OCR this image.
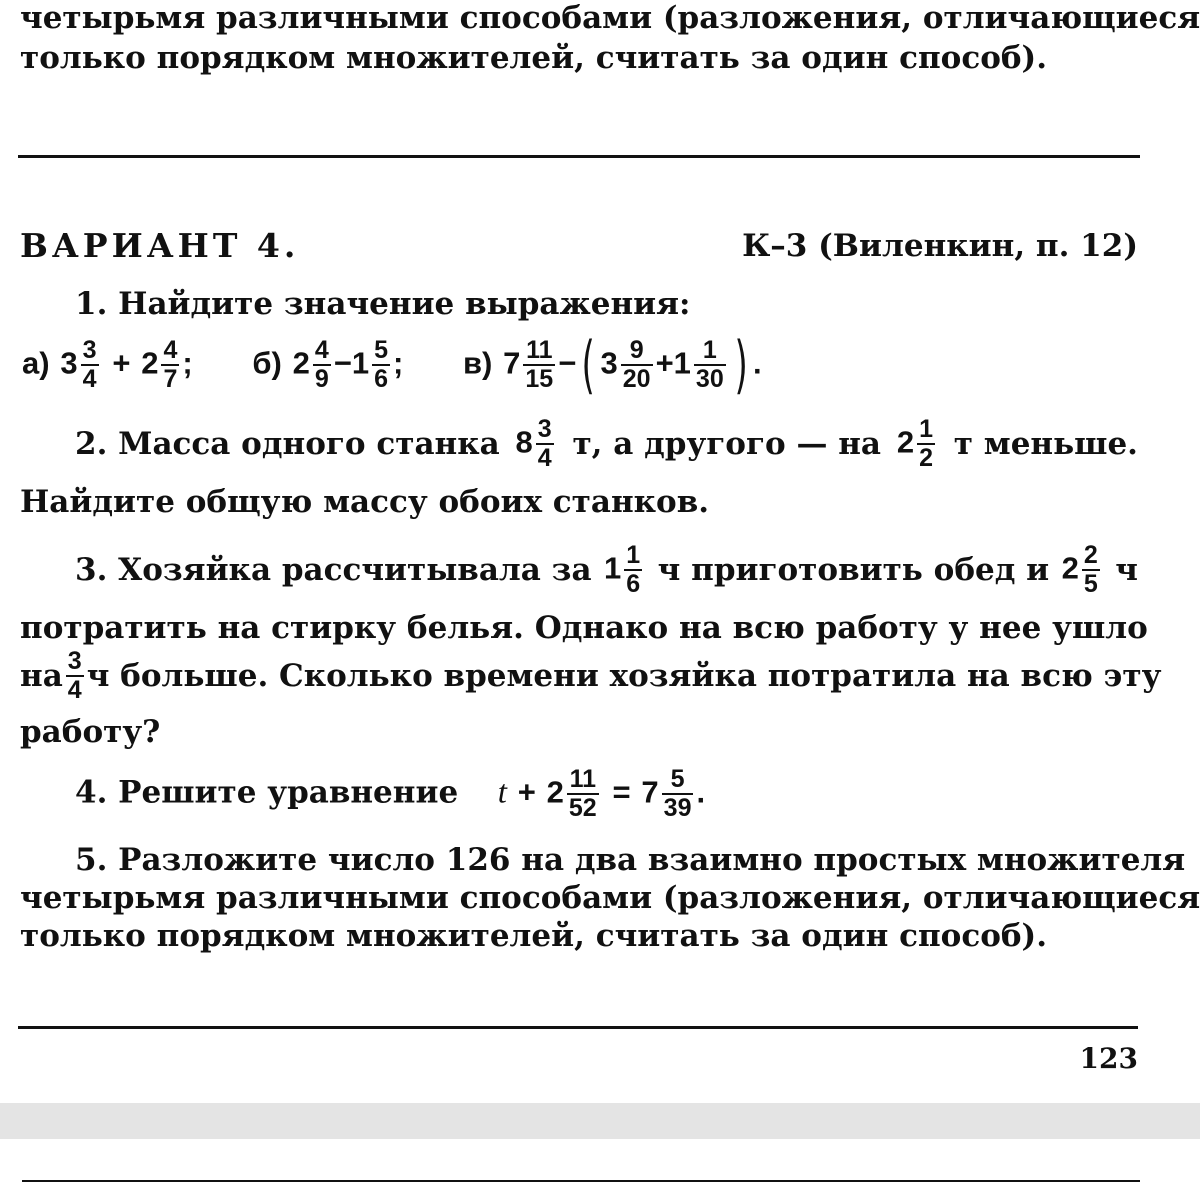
четырьмя различными способами (разложения, отличающиеся
только порядком множителей, считать за один способ).
ВАРИАНТ 4.	К–3 (Виленкин, п. 12)
1. Найдите значение выражения:
а) $3 \frac{3}{4} + 2 \frac{4}{7}$ ; б) $2 \frac{4}{9} -1 \frac{5}{6}$ ; в) $7 \frac{11}{15}$ −( $3 \frac{9}{20} +1 \frac{1}{30}$ ) .
2. Масса одного станка $8 \frac{3}{4} т$, а другого — на $2 \frac{1}{2}$ т меньше.
Найдите общую массу обоих станков.
3. Хозяйка рассчитывала за $1 \frac{1}{6}$ ч приготовить обед и $2 \frac{2}{5}$ ч
потратить на стирку белья. Однако на всю работу у нее ушло
на $\frac{3}{4}$ ч больше. Сколько времени хозяйка потратила на всю эту
работу?
4. Решите уравнение $t + 2 \frac{11}{52} = 7 \frac{5}{39}$ .
5. Разложите число 126 на два взаимно простых множителя
четырьмя различными способами (разложения, отличающиеся
только порядком множителей, считать за один способ).
123
